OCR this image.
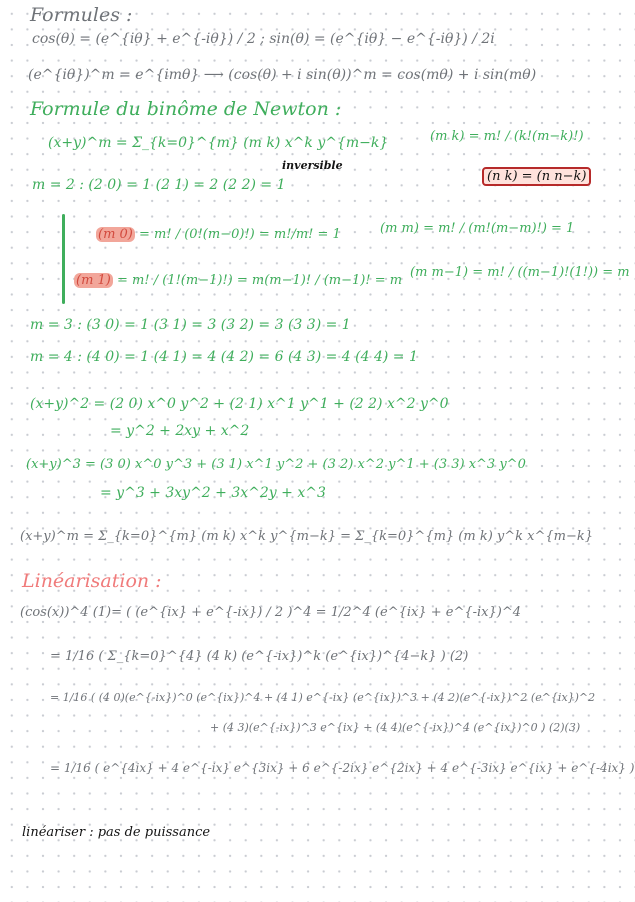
Formules :
cos(θ) = (e^{iθ} + e^{-iθ}) / 2 ; sin(θ) = (e^{iθ} − e^{-iθ}) / 2i
(e^{iθ})^m = e^{imθ} ⟶ (cos(θ) + i sin(θ))^m = cos(mθ) + i sin(mθ)
Formule du binôme de Newton :
(x+y)^m = Σ_{k=0}^{m} (m k) x^k y^{m−k}	(m k) = m! / (k!(m−k)!)
inversible
m = 2 : (2 0) = 1 (2 1) = 2 (2 2) = 1
(n k) = (n n−k)
(m 0) = m! / (0!(m−0)!) = m!/m! = 1	(m m) = m! / (m!(m−m)!) = 1
(m 1) = m! / (1!(m−1)!) = m(m−1)! / (m−1)! = m
(m m−1) = m! / ((m−1)!(1!)) = m
m = 3 : (3 0) = 1 (3 1) = 3 (3 2) = 3 (3 3) = 1
m = 4 : (4 0) = 1 (4 1) = 4 (4 2) = 6 (4 3) = 4 (4 4) = 1
(x+y)^2 = (2 0) x^0 y^2 + (2 1) x^1 y^1 + (2 2) x^2 y^0
= y^2 + 2xy + x^2
(x+y)^3 = (3 0) x^0 y^3 + (3 1) x^1 y^2 + (3 2) x^2 y^1 + (3 3) x^3 y^0
= y^3 + 3xy^2 + 3x^2y + x^3
(x+y)^m = Σ_{k=0}^{m} (m k) x^k y^{m−k} = Σ_{k=0}^{m} (m k) y^k x^{m−k}
Linéarisation :
(cos(x))^4 (1)= ( (e^{ix} + e^{-ix}) / 2 )^4 = 1/2^4 (e^{ix} + e^{-ix})^4
= 1/16 ( Σ_{k=0}^{4} (4 k) (e^{-ix})^k (e^{ix})^{4−k} ) (2)
= 1/16 ( (4 0)(e^{-ix})^0 (e^{ix})^4 + (4 1) e^{-ix} (e^{ix})^3 + (4 2)(e^{-ix})^2 (e^{ix})^2
+ (4 3)(e^{-ix})^3 e^{ix} + (4 4)(e^{-ix})^4 (e^{ix})^0 ) (2)(3)
= 1/16 ( e^{4ix} + 4 e^{-ix} e^{3ix} + 6 e^{-2ix} e^{2ix} + 4 e^{-3ix} e^{ix} + e^{-4ix} )
linéariser : pas de puissance
